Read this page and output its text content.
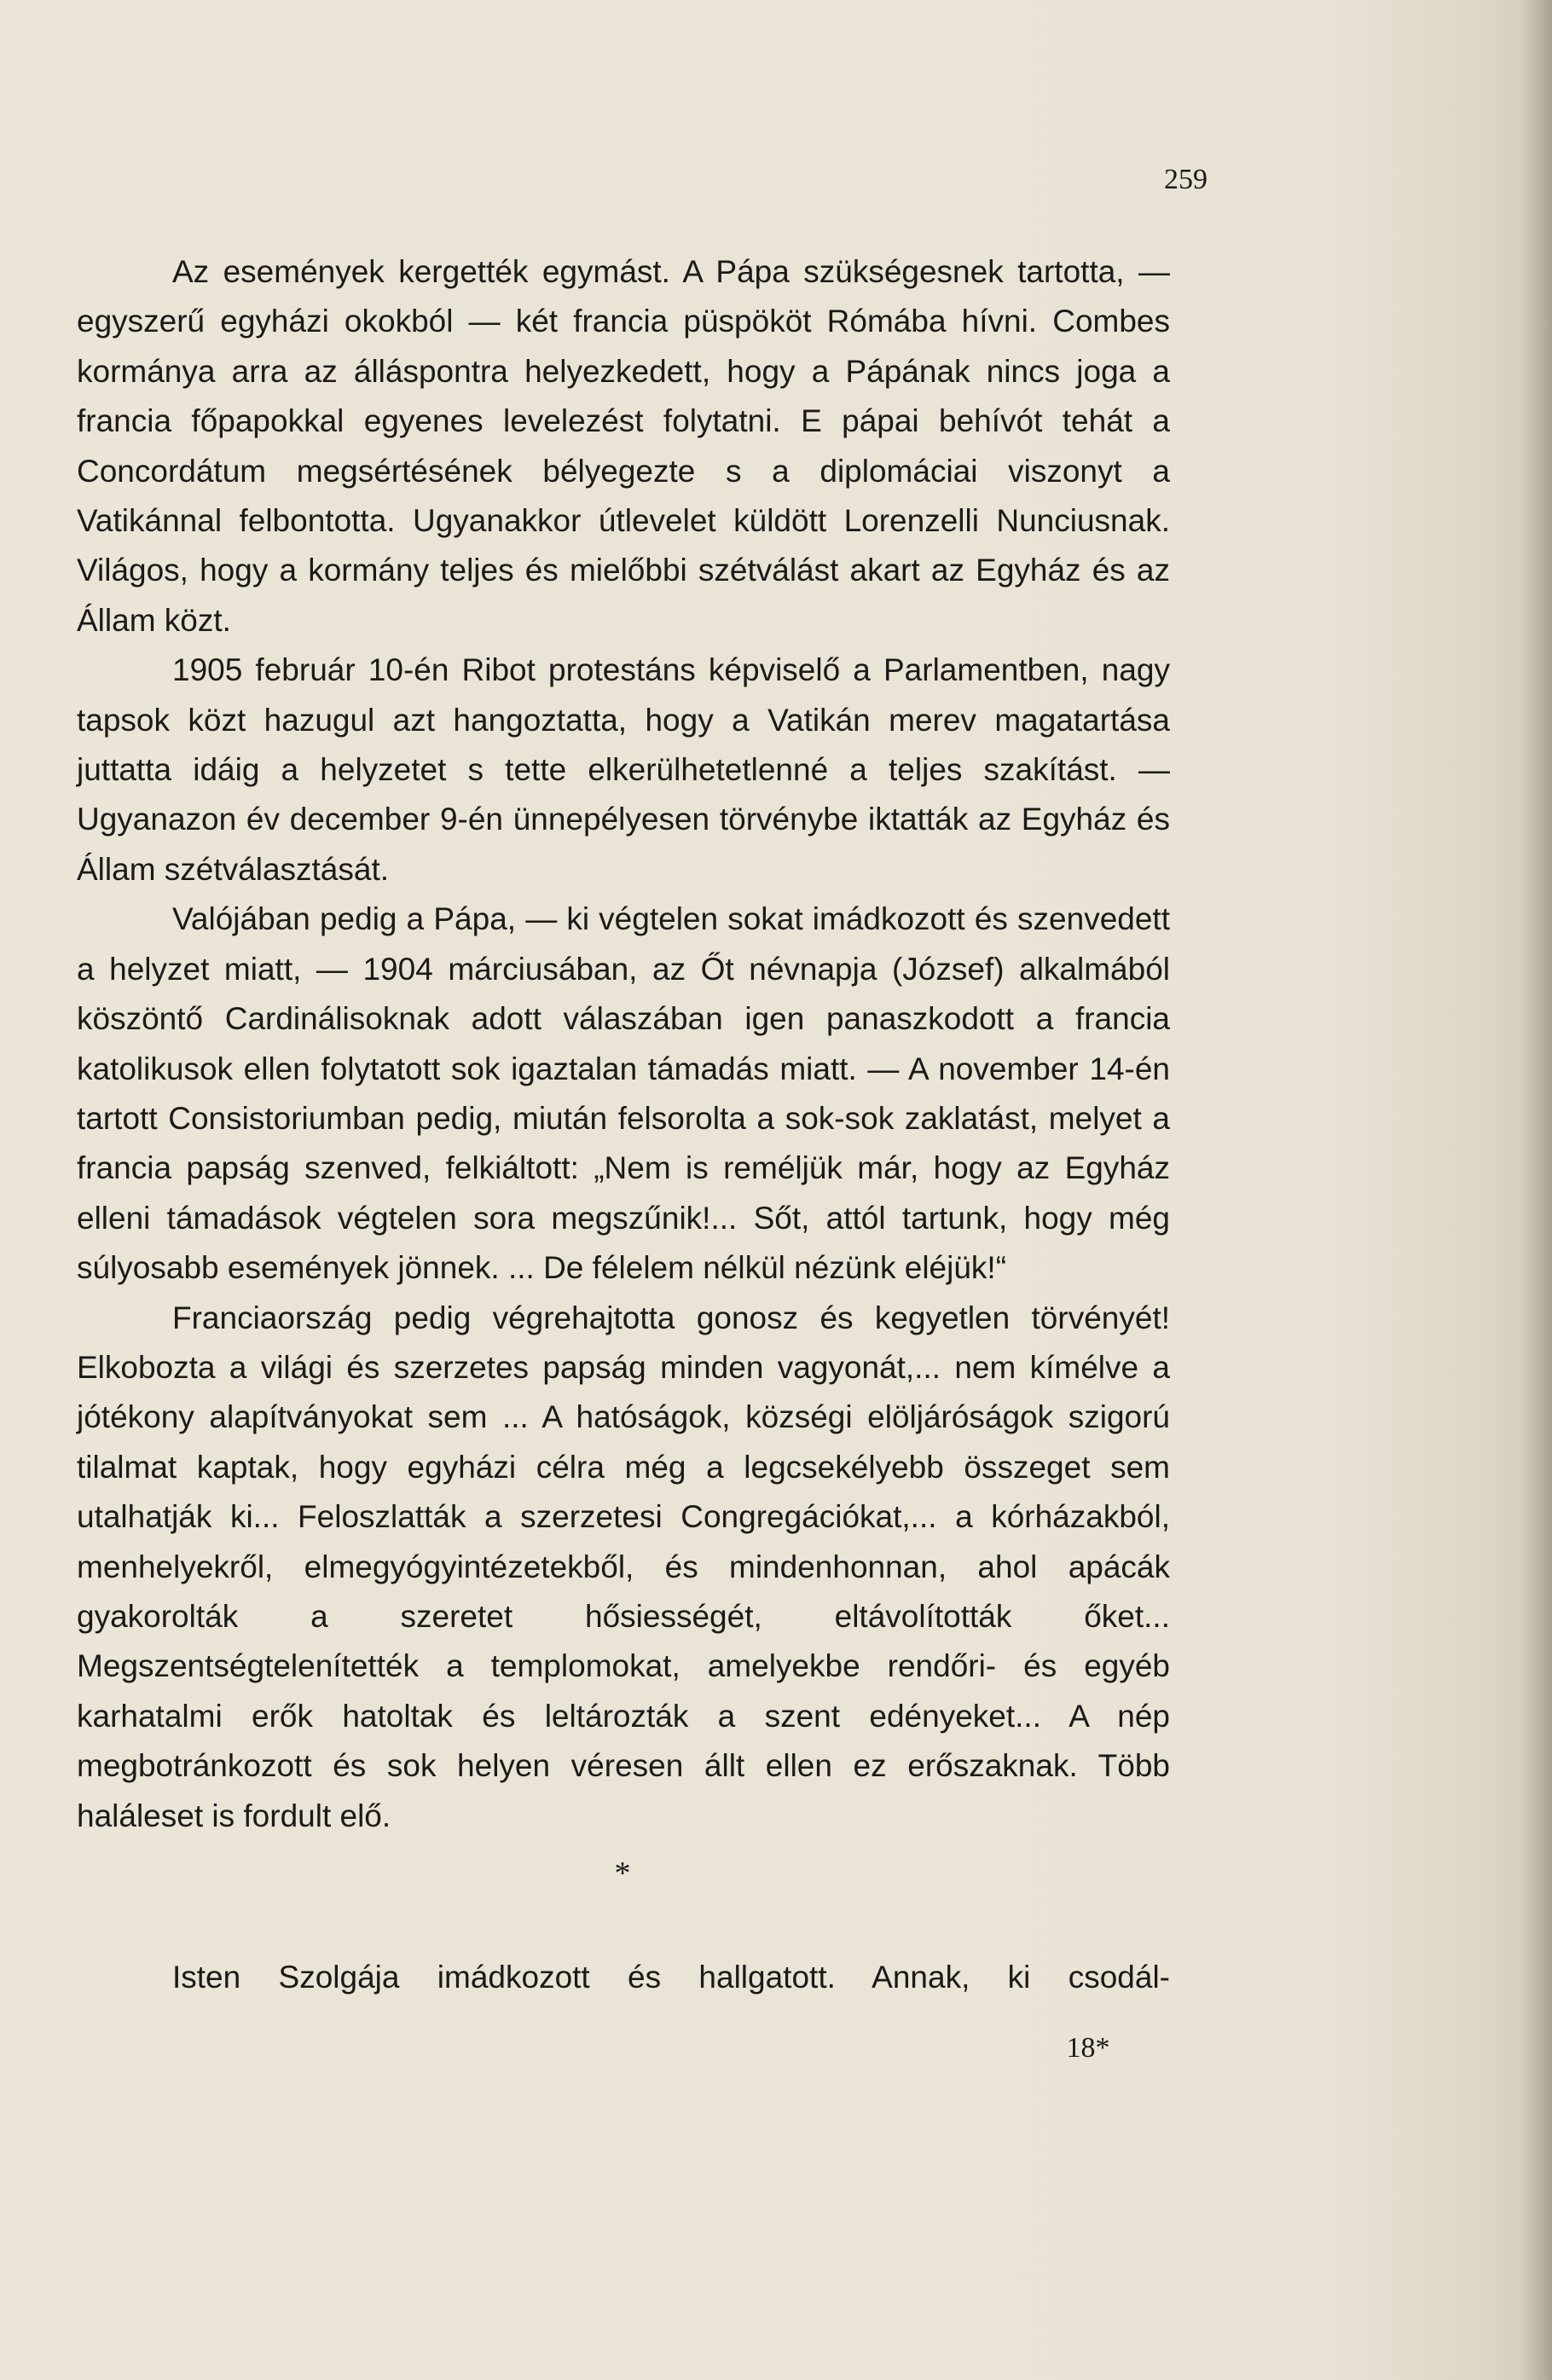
259

Az események kergették egymást. A Pápa szükségesnek tartotta, — egyszerű egyházi okokból — két francia püspököt Rómába hívni. Combes kormánya arra az álláspontra helyezkedett, hogy a Pápának nincs joga a francia főpapokkal egyenes levelezést folytatni. E pápai behívót tehát a Concordátum megsértésének bélyegezte s a diplomáciai viszonyt a Vatikánnal felbontotta. Ugyanakkor útlevelet küldött Lorenzelli Nunciusnak. Világos, hogy a kormány teljes és mielőbbi szétválást akart az Egyház és az Állam közt.

1905 február 10-én Ribot protestáns képviselő a Parlamentben, nagy tapsok közt hazugul azt hangoztatta, hogy a Vatikán merev magatartása juttatta idáig a helyzetet s tette elkerülhetetlenné a teljes szakítást. — Ugyanazon év december 9-én ünnepélyesen törvénybe iktatták az Egyház és Állam szétválasztását.

Valójában pedig a Pápa, — ki végtelen sokat imádkozott és szenvedett a helyzet miatt, — 1904 márciusában, az Őt névnapja (József) alkalmából köszöntő Cardinálisoknak adott válaszában igen panaszkodott a francia katolikusok ellen folytatott sok igaztalan támadás miatt. — A november 14-én tartott Consistoriumban pedig, miután felsorolta a sok-sok zaklatást, melyet a francia papság szenved, felkiáltott: „Nem is reméljük már, hogy az Egyház elleni támadások végtelen sora megszűnik!... Sőt, attól tartunk, hogy még súlyosabb események jönnek. ... De félelem nélkül nézünk eléjük!“

Franciaország pedig végrehajtotta gonosz és kegyetlen törvényét! Elkobozta a világi és szerzetes papság minden vagyonát,... nem kímélve a jótékony alapítványokat sem ... A hatóságok, községi elöljáróságok szigorú tilalmat kaptak, hogy egyházi célra még a legcsekélyebb összeget sem utalhatják ki... Feloszlatták a szerzetesi Congregációkat,... a kórházakból, menhelyekről, elmegyógyintézetekből, és mindenhonnan, ahol apácák gyakorolták a szeretet hősiességét, eltávolították őket... Megszentségtelenítették a templomokat, amelyekbe rendőri- és egyéb karhatalmi erők hatoltak és leltározták a szent edényeket... A nép megbotránkozott és sok helyen véresen állt ellen ez erőszaknak. Több haláleset is fordult elő.

*

Isten Szolgája imádkozott és hallgatott. Annak, ki csodál-

18*
